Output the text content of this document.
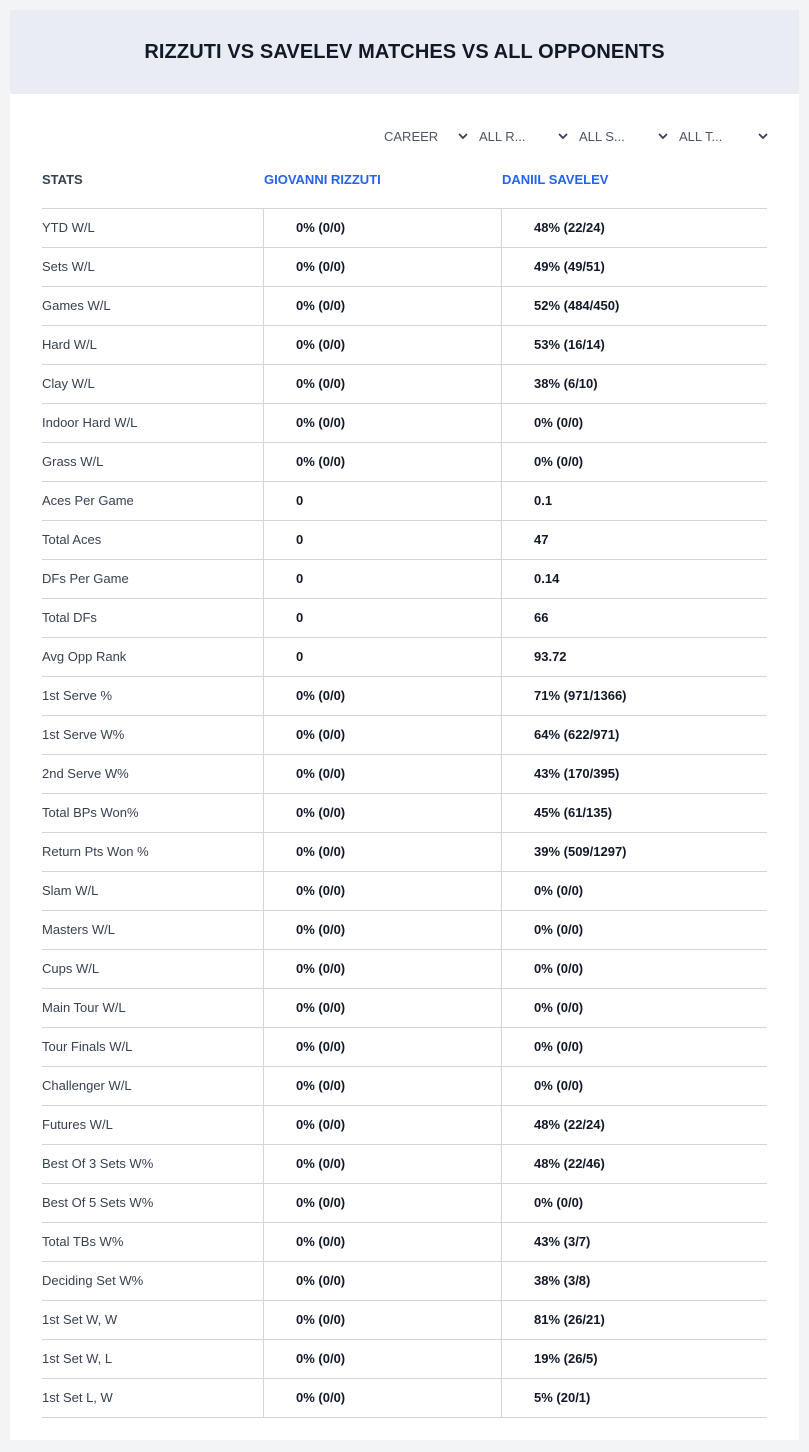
RIZZUTI VS SAVELEV MATCHES VS ALL OPPONENTS
CAREER	ALL R...	ALL S...	ALL T...
STATS	GIOVANNI RIZZUTI	DANIIL SAVELEV
YTD W/L	0% (0/0)	48% (22/24)
Sets W/L	0% (0/0)	49% (49/51)
Games W/L	0% (0/0)	52% (484/450)
Hard W/L	0% (0/0)	53% (16/14)
Clay W/L	0% (0/0)	38% (6/10)
Indoor Hard W/L	0% (0/0)	0% (0/0)
Grass W/L	0% (0/0)	0% (0/0)
Aces Per Game	0	0.1
Total Aces	0	47
DFs Per Game	0	0.14
Total DFs	0	66
Avg Opp Rank	0	93.72
1st Serve %	0% (0/0)	71% (971/1366)
1st Serve W%	0% (0/0)	64% (622/971)
2nd Serve W%	0% (0/0)	43% (170/395)
Total BPs Won%	0% (0/0)	45% (61/135)
Return Pts Won %	0% (0/0)	39% (509/1297)
Slam W/L	0% (0/0)	0% (0/0)
Masters W/L	0% (0/0)	0% (0/0)
Cups W/L	0% (0/0)	0% (0/0)
Main Tour W/L	0% (0/0)	0% (0/0)
Tour Finals W/L	0% (0/0)	0% (0/0)
Challenger W/L	0% (0/0)	0% (0/0)
Futures W/L	0% (0/0)	48% (22/24)
Best Of 3 Sets W%	0% (0/0)	48% (22/46)
Best Of 5 Sets W%	0% (0/0)	0% (0/0)
Total TBs W%	0% (0/0)	43% (3/7)
Deciding Set W%	0% (0/0)	38% (3/8)
1st Set W, W	0% (0/0)	81% (26/21)
1st Set W, L	0% (0/0)	19% (26/5)
1st Set L, W	0% (0/0)	5% (20/1)
